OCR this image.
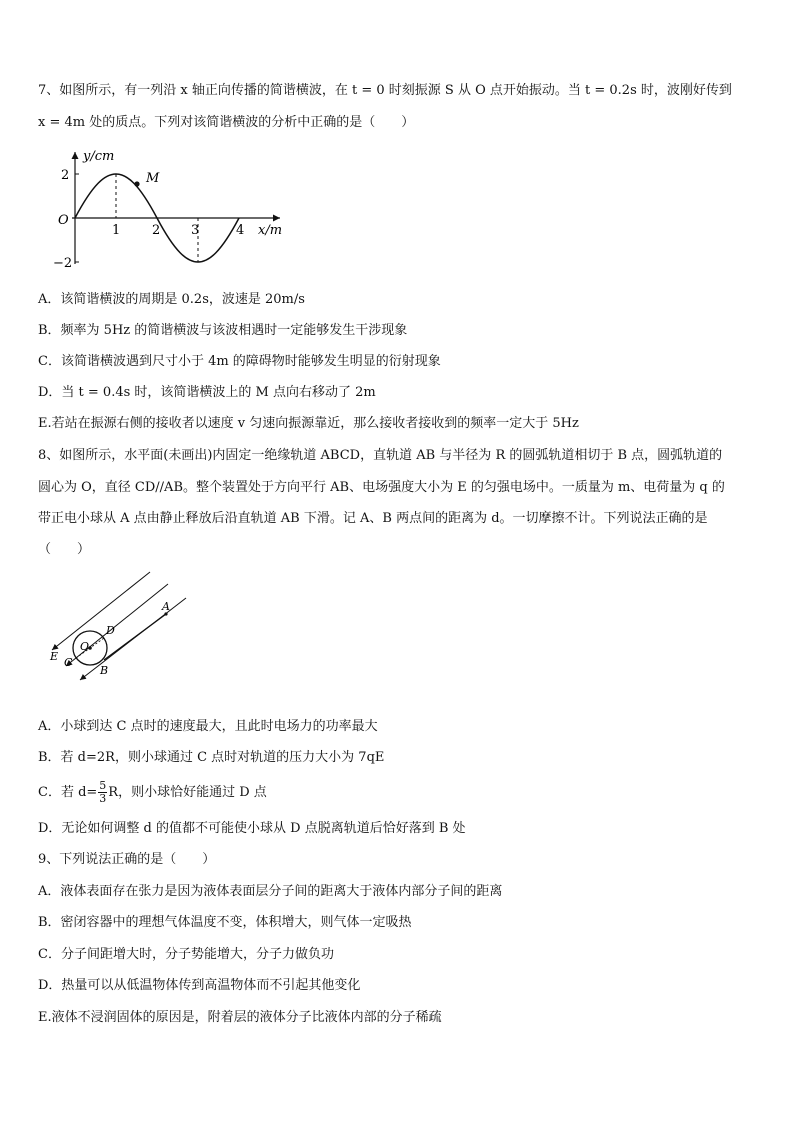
7、如图所示，有一列沿 x 轴正向传播的简谐横波，在 t = 0 时刻振源 S 从 O 点开始振动。当 t = 0.2s 时，波刚好传到
x = 4m 处的质点。下列对该简谐横波的分析中正确的是（　　）
y/cm
x/m
O
2
−2
1 2 3	4
M
A．该简谐横波的周期是 0.2s，波速是 20m/s
B．频率为 5Hz 的简谐横波与该波相遇时一定能够发生干涉现象
C．该简谐横波遇到尺寸小于 4m 的障碍物时能够发生明显的衍射现象
D．当 t = 0.4s 时，该简谐横波上的 M 点向右移动了 2m
E.若站在振源右侧的接收者以速度 v 匀速向振源靠近，那么接收者接收到的频率一定大于 5Hz
8、如图所示，水平面(未画出)内固定一绝缘轨道 ABCD，直轨道 AB 与半径为 R 的圆弧轨道相切于 B 点，圆弧轨道的
圆心为 O，直径 CD//AB。整个装置处于方向平行 AB、电场强度大小为 E 的匀强电场中。一质量为 m、电荷量为 q 的
带正电小球从 A 点由静止释放后沿直轨道 AB 下滑。记 A、B 两点间的距离为 d。一切摩擦不计。下列说法正确的是
（　　）
A
B
C
D
O
E
A．小球到达 C 点时的速度最大，且此时电场力的功率最大
B．若 d=2R，则小球通过 C 点时对轨道的压力大小为 7qE
C．若 $d= \frac{5}{3}$ R，则小球恰好能通过 D 点
D．无论如何调整 d 的值都不可能使小球从 D 点脱离轨道后恰好落到 B 处
9、下列说法正确的是（　　）
A．液体表面存在张力是因为液体表面层分子间的距离大于液体内部分子间的距离
B．密闭容器中的理想气体温度不变，体积增大，则气体一定吸热
C．分子间距增大时，分子势能增大，分子力做负功
D．热量可以从低温物体传到高温物体而不引起其他变化
E.液体不浸润固体的原因是，附着层的液体分子比液体内部的分子稀疏
